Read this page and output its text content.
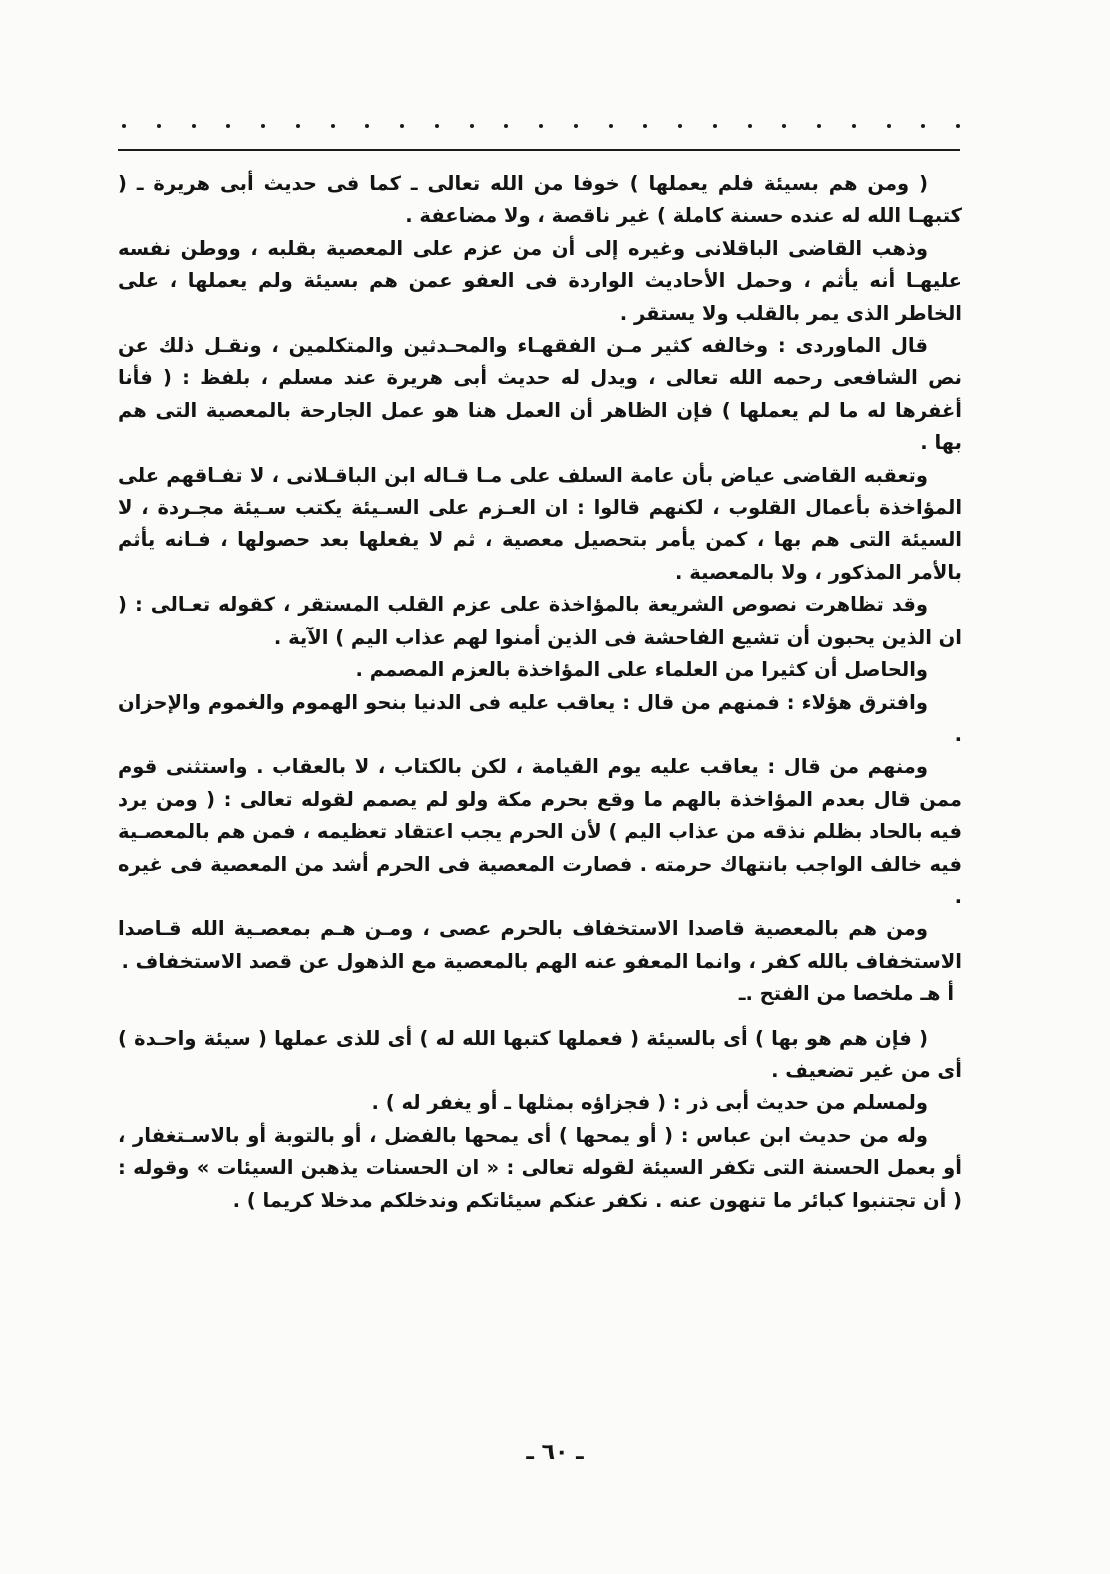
( ومن هم بسيئة فلم يعملها ) خوفا من الله تعالى ـ كما فى حديث أبى هريرة ـ ( كتبهـا الله له عنده حسنة كاملة ) غير ناقصة ، ولا مضاعفة .

وذهب القاضى الباقلانى وغيره إلى أن من عزم على المعصية بقلبه ، ووطن نفسه عليهـا أنه يأثم ، وحمل الأحاديث الواردة فى العفو عمن هم بسيئة ولم يعملها ، على الخاطر الذى يمر بالقلب ولا يستقر .

قال الماوردى : وخالفه كثير مـن الفقهـاء والمحـدثين والمتكلمين ، ونقـل ذلك عن نص الشافعى رحمه الله تعالى ، ويدل له حديث أبى هريرة عند مسلم ، بلفظ : ( فأنا أغفرها له ما لم يعملها ) فإن الظاهر أن العمل هنا هو عمل الجارحة بالمعصية التى هم بها .

وتعقبه القاضى عياض بأن عامة السلف على مـا قـاله ابن الباقـلانى ، لا تفـاقهم على المؤاخذة بأعمال القلوب ، لكنهم قالوا : ان العـزم على السـيئة يكتب سـيئة مجـردة ، لا السيئة التى هم بها ، كمن يأمر بتحصيل معصية ، ثم لا يفعلها بعد حصولها ، فـانه يأثم بالأمر المذكور ، ولا بالمعصية .

وقد تظاهرت نصوص الشريعة بالمؤاخذة على عزم القلب المستقر ، كقوله تعـالى : ( ان الذين يحبون أن تشيع الفاحشة فى الذين أمنوا لهم عذاب اليم ) الآية .

والحاصل أن كثيرا من العلماء على المؤاخذة بالعزم المصمم .

وافترق هؤلاء : فمنهم من قال : يعاقب عليه فى الدنيا بنحو الهموم والغموم والإحزان .

ومنهم من قال : يعاقب عليه يوم القيامة ، لكن بالكتاب ، لا بالعقاب . واستثنى قوم ممن قال بعدم المؤاخذة بالهم ما وقع بحرم مكة ولو لم يصمم لقوله تعالى : ( ومن يرد فيه بالحاد بظلم نذقه من عذاب اليم ) لأن الحرم يجب اعتقاد تعظيمه ، فمن هم بالمعصـية فيه خالف الواجب بانتهاك حرمته . فصارت المعصية فى الحرم أشد من المعصية فى غيره .

ومن هم بالمعصية قاصدا الاستخفاف بالحرم عصى ، ومـن هـم بمعصـية الله قـاصدا الاستخفاف بالله كفر ، وانما المعفو عنه الهم بالمعصية مع الذهول عن قصد الاستخفاف .

أ هـ ملخصا من الفتح .ـ

( فإن هم هو بها ) أى بالسيئة ( فعملها كتبها الله له ) أى للذى عملها ( سيئة واحـدة ) أى من غير تضعيف .

ولمسلم من حديث أبى ذر : ( فجزاؤه بمثلها ـ أو يغفر له ) .

وله من حديث ابن عباس : ( أو يمحها ) أى يمحها بالفضل ، أو بالتوبة أو بالاسـتغفار ، أو بعمل الحسنة التى تكفر السيئة لقوله تعالى : « ان الحسنات يذهبن السيئات » وقوله : ( أن تجتنبوا كبائر ما تنهون عنه . نكفر عنكم سيئاتكم وندخلكم مدخلا كريما ) .

ـ ٦٠ ـ
